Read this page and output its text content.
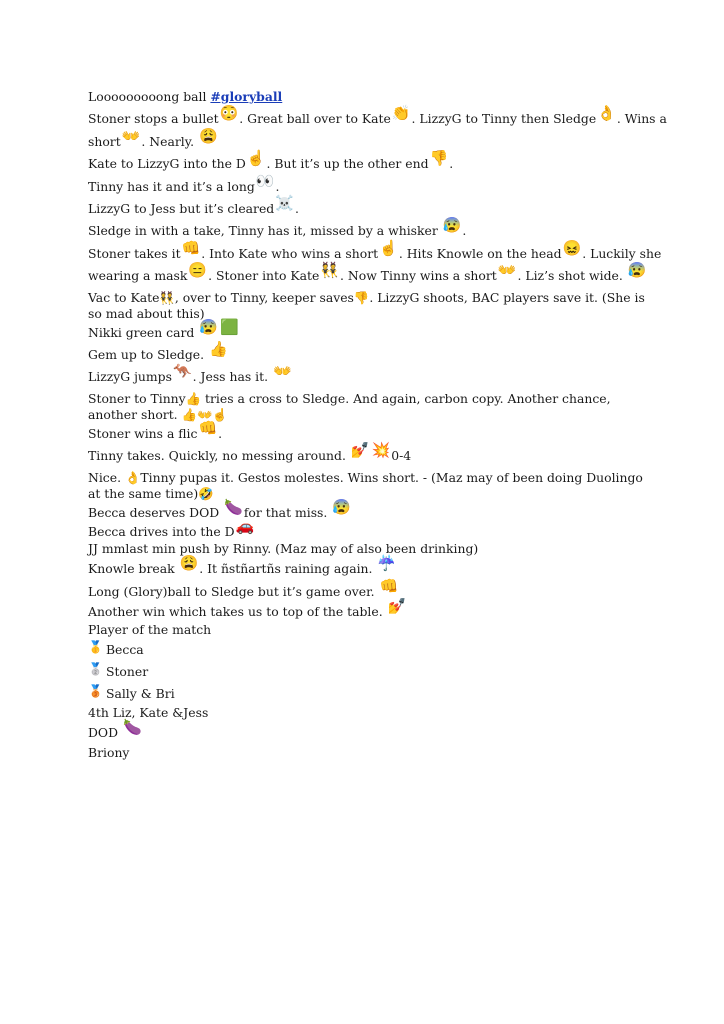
Looooooooong ball #gloryball
Stoner stops a bullet😳. Great ball over to Kate👏. LizzyG to Tinny then Sledge👌. Wins a
short👐. Nearly. 😩
Kate to LizzyG into the D☝️. But it’s up the other end👎.
Tinny has it and it’s a long👀.
LizzyG to Jess but it’s cleared☠️.
Sledge in with a take, Tinny has it, missed by a whisker 😰.
Stoner takes it👊. Into Kate who wins a short☝️. Hits Knowle on the head😖. Luckily she
wearing a mask😑. Stoner into Kate👯. Now Tinny wins a short👐. Liz’s shot wide. 😰
Vac to Kate👯, over to Tinny, keeper saves👎. LizzyG shoots, BAC players save it. (She is so mad about this)
Nikki green card 😰 🟩
Gem up to Sledge. 👍
LizzyG jumps🦘. Jess has it. 👐
Stoner to Tinny👍 tries a cross to Sledge. And again, carbon copy. Another chance, another short. 👍👐☝️
Stoner wins a flic👊.
Tinny takes. Quickly, no messing around. 💅 💥0-4
Nice. 👌Tinny pupas it. Gestos molestes. Wins short. - (Maz may of been doing Duolingo at the same time)🤣
Becca deserves DOD 🍆for that miss. 😰
Becca drives into the D🚗
JJ mmlast min push by Rinny. (Maz may of also been drinking)
Knowle break 😩. It ñstñartñs raining again. ☔
Long (Glory)ball to Sledge but it’s game over. 👊
Another win which takes us to top of the table. 💅
Player of the match
🥇 Becca
🥈 Stoner
🥉 Sally & Bri
4th Liz, Kate &Jess
DOD 🍆
Briony
